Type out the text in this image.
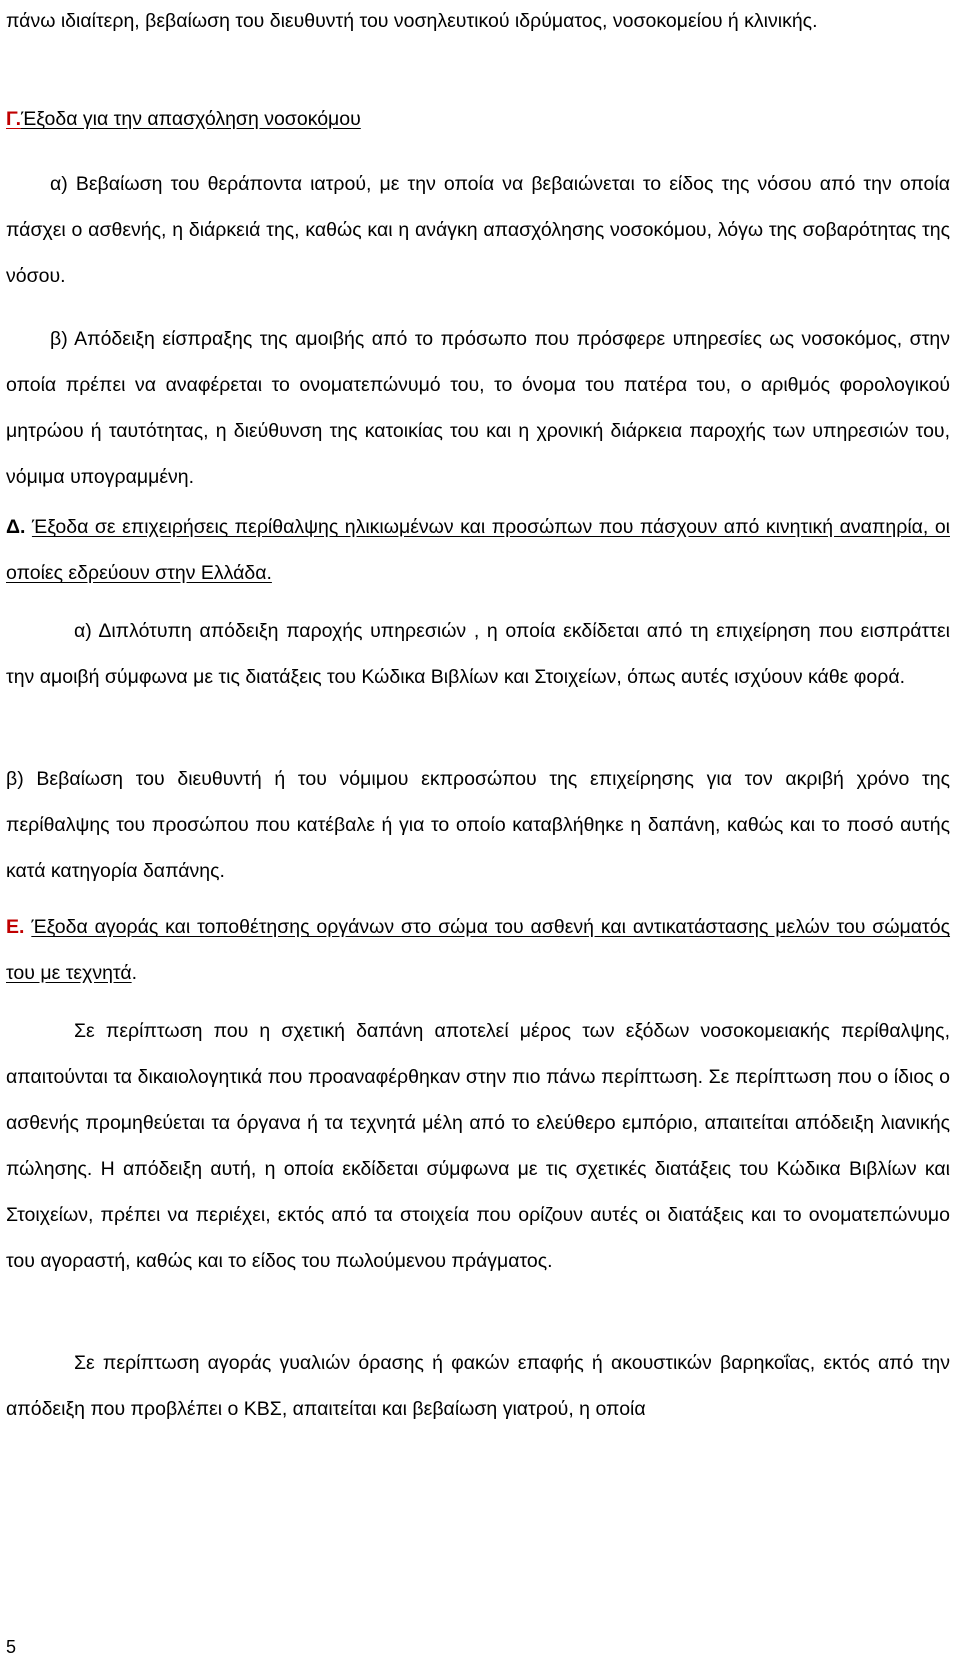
πάνω ιδιαίτερη, βεβαίωση του διευθυντή του νοσηλευτικού ιδρύματος, νοσοκομείου ή κλινικής.
Γ.Έξοδα για την απασχόληση νοσοκόμου
α) Βεβαίωση του θεράποντα ιατρού, με την οποία να βεβαιώνεται το είδος της νόσου από την οποία πάσχει ο ασθενής, η διάρκειά της, καθώς και η ανάγκη απασχόλησης νοσοκόμου, λόγω της σοβαρότητας της νόσου.
β) Απόδειξη είσπραξης της αμοιβής από το πρόσωπο που πρόσφερε υπηρεσίες ως νοσοκόμος, στην οποία πρέπει να αναφέρεται το ονοματεπώνυμό του, το όνομα του πατέρα του, ο αριθμός φορολογικού μητρώου ή ταυτότητας, η διεύθυνση της κατοικίας του και η χρονική διάρκεια παροχής των υπηρεσιών του, νόμιμα υπογραμμένη.
Δ. Έξοδα σε επιχειρήσεις περίθαλψης ηλικιωμένων και προσώπων που πάσχουν από κινητική αναπηρία, οι οποίες εδρεύουν στην Ελλάδα.
α) Διπλότυπη απόδειξη παροχής υπηρεσιών , η οποία εκδίδεται από τη επιχείρηση που εισπράττει την αμοιβή σύμφωνα με τις διατάξεις του Κώδικα Βιβλίων και Στοιχείων, όπως αυτές ισχύουν κάθε φορά.
β) Βεβαίωση του διευθυντή ή του νόμιμου εκπροσώπου της επιχείρησης για τον ακριβή χρόνο της περίθαλψης του προσώπου που κατέβαλε ή για το οποίο καταβλήθηκε η δαπάνη, καθώς και το ποσό αυτής κατά κατηγορία δαπάνης.
Ε. Έξοδα αγοράς και τοποθέτησης οργάνων στο σώμα του ασθενή και αντικατάστασης μελών του σώματός του με τεχνητά.
Σε περίπτωση που η σχετική δαπάνη αποτελεί μέρος των εξόδων νοσοκομειακής περίθαλψης, απαιτούνται τα δικαιολογητικά που προαναφέρθηκαν στην πιο πάνω περίπτωση. Σε περίπτωση που ο ίδιος ο ασθενής προμηθεύεται τα όργανα ή τα τεχνητά μέλη από το ελεύθερο εμπόριο, απαιτείται απόδειξη λιανικής πώλησης. Η απόδειξη αυτή, η οποία εκδίδεται σύμφωνα με τις σχετικές διατάξεις του Κώδικα Βιβλίων και Στοιχείων, πρέπει να περιέχει, εκτός από τα στοιχεία που ορίζουν αυτές οι διατάξεις και το ονοματεπώνυμο του αγοραστή, καθώς και το είδος του πωλούμενου πράγματος.
Σε περίπτωση αγοράς γυαλιών όρασης ή φακών επαφής ή ακουστικών βαρηκοΐας, εκτός από την απόδειξη που προβλέπει ο ΚΒΣ, απαιτείται και βεβαίωση γιατρού, η οποία
5
